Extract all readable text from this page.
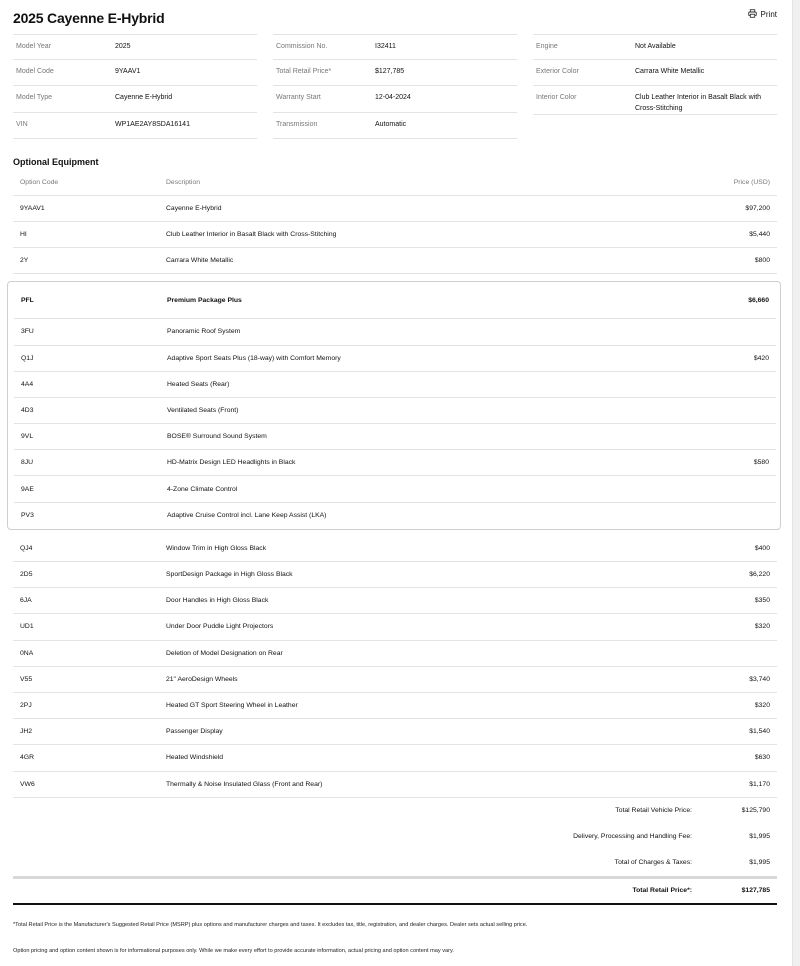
2025 Cayenne E-Hybrid	Print
Model Year	2025
Model Code	9YAAV1
Model Type	Cayenne E-Hybrid
VIN	WP1AE2AY8SDA16141
Commission No.	I32411
Total Retail Price*	$127,785
Warranty Start	12-04-2024
Transmission	Automatic
Engine	Not Available
Exterior Color	Carrara White Metallic
Interior Color	Club Leather Interior in Basalt Black with Cross-Stitching
Optional Equipment
Option Code	Description	Price (USD)
9YAAV1	Cayenne E-Hybrid	$97,200
HI	Club Leather Interior in Basalt Black with Cross-Stitching	$5,440
2Y	Carrara White Metallic	$800
PFL	Premium Package Plus	$6,660
3FU	Panoramic Roof System
Q1J	Adaptive Sport Seats Plus (18-way) with Comfort Memory	$420
4A4	Heated Seats (Rear)
4D3	Ventilated Seats (Front)
9VL	BOSE® Surround Sound System
8JU	HD-Matrix Design LED Headlights in Black	$580
9AE	4-Zone Climate Control
PV3	Adaptive Cruise Control incl. Lane Keep Assist (LKA)
QJ4	Window Trim in High Gloss Black	$400
2D5	SportDesign Package in High Gloss Black	$6,220
6JA	Door Handles in High Gloss Black	$350
UD1	Under Door Puddle Light Projectors	$320
0NA	Deletion of Model Designation on Rear
V55	21" AeroDesign Wheels	$3,740
2PJ	Heated GT Sport Steering Wheel in Leather	$320
JH2	Passenger Display	$1,540
4GR	Heated Windshield	$630
VW6	Thermally & Noise Insulated Glass (Front and Rear)	$1,170
Total Retail Vehicle Price:	$125,790
Delivery, Processing and Handling Fee:	$1,995
Total of Charges & Taxes:	$1,995
Total Retail Price*:	$127,785
*Total Retail Price is the Manufacturer's Suggested Retail Price (MSRP) plus options and manufacturer charges and taxes. It excludes tax, title, registration, and dealer charges. Dealer sets actual selling price.
Option pricing and option content shown is for informational purposes only. While we make every effort to provide accurate information, actual pricing and option content may vary.
